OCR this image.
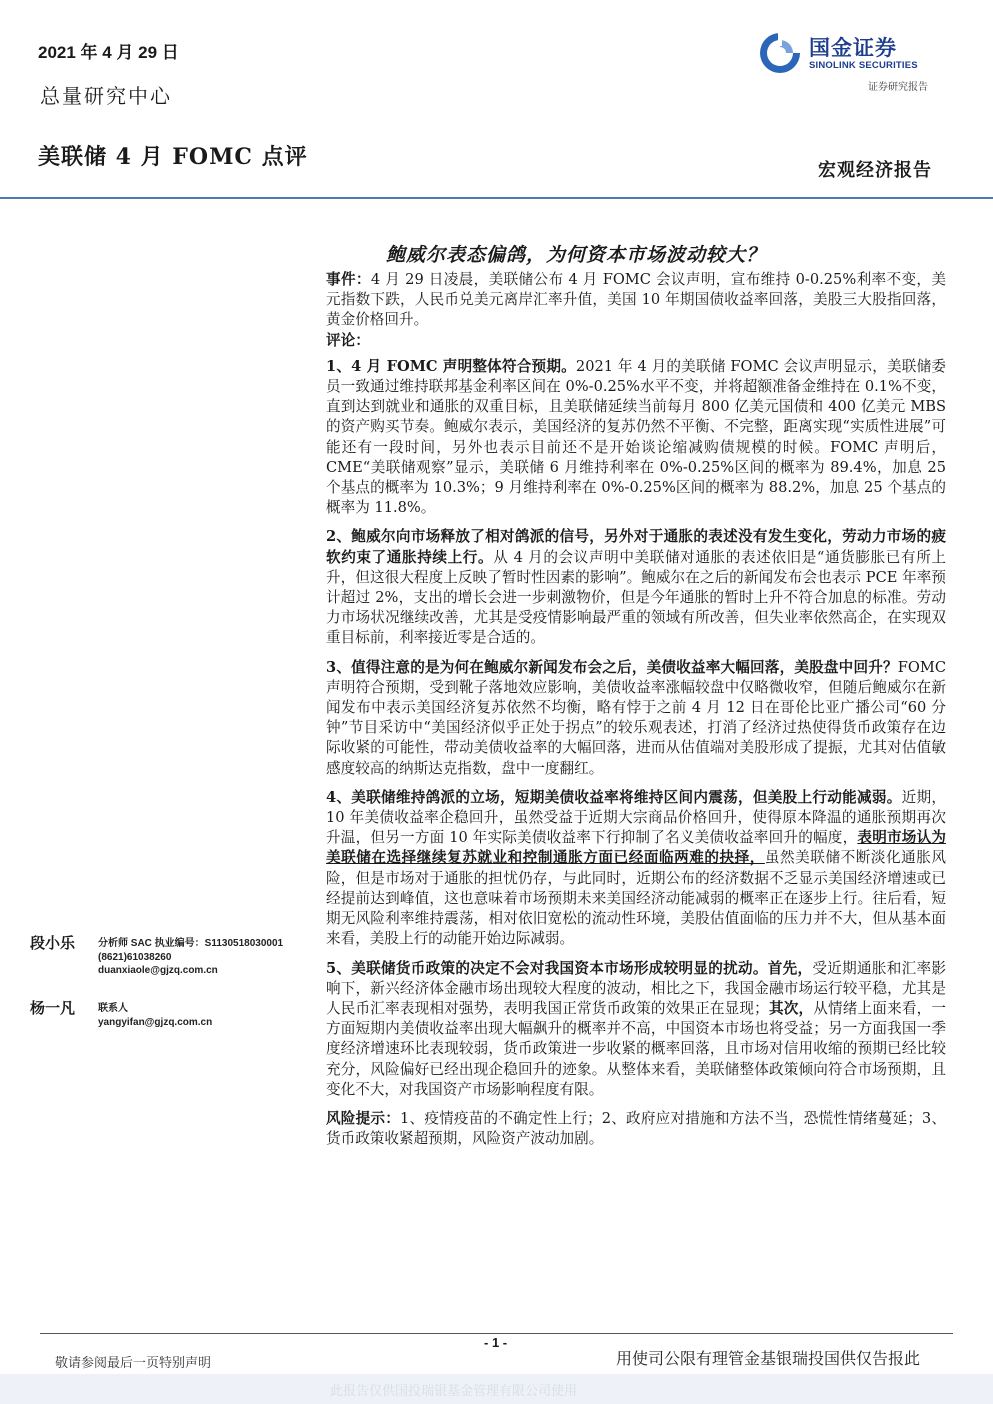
2021 年 4 月 29 日
总量研究中心
美联储 4 月 FOMC 点评
国金证券
SINOLINK SECURITIES
证券研究报告
宏观经济报告
鲍威尔表态偏鸽，为何资本市场波动较大？

事件：4 月 29 日凌晨，美联储公布 4 月 FOMC 会议声明，宣布维持 0-0.25%利率不变，美元指数下跌，人民币兑美元离岸汇率升值，美国 10 年期国债收益率回落，美股三大股指回落，黄金价格回升。

评论：

1、4 月 FOMC 声明整体符合预期。2021 年 4 月的美联储 FOMC 会议声明显示，美联储委员一致通过维持联邦基金利率区间在 0%-0.25%水平不变，并将超额准备金维持在 0.1%不变，直到达到就业和通胀的双重目标，且美联储延续当前每月 800 亿美元国债和 400 亿美元 MBS 的资产购买节奏。鲍威尔表示，美国经济的复苏仍然不平衡、不完整，距离实现“实质性进展”可能还有一段时间，另外也表示目前还不是开始谈论缩减购债规模的时候。FOMC 声明后，CME“美联储观察”显示，美联储 6 月维持利率在 0%-0.25%区间的概率为 89.4%，加息 25 个基点的概率为 10.3%；9 月维持利率在 0%-0.25%区间的概率为 88.2%，加息 25 个基点的概率为 11.8%。

2、鲍威尔向市场释放了相对鸽派的信号，另外对于通胀的表述没有发生变化，劳动力市场的疲软约束了通胀持续上行。从 4 月的会议声明中美联储对通胀的表述依旧是“通货膨胀已有所上升，但这很大程度上反映了暂时性因素的影响”。鲍威尔在之后的新闻发布会也表示 PCE 年率预计超过 2%，支出的增长会进一步刺激物价，但是今年通胀的暂时上升不符合加息的标准。劳动力市场状况继续改善，尤其是受疫情影响最严重的领域有所改善，但失业率依然高企，在实现双重目标前，利率接近零是合适的。

3、值得注意的是为何在鲍威尔新闻发布会之后，美债收益率大幅回落，美股盘中回升？FOMC 声明符合预期，受到靴子落地效应影响，美债收益率涨幅较盘中仅略微收窄，但随后鲍威尔在新闻发布中表示美国经济复苏依然不均衡，略有悖于之前 4 月 12 日在哥伦比亚广播公司“60 分钟”节目采访中“美国经济似乎正处于拐点”的较乐观表述，打消了经济过热使得货币政策存在边际收紧的可能性，带动美债收益率的大幅回落，进而从估值端对美股形成了提振，尤其对估值敏感度较高的纳斯达克指数，盘中一度翻红。

4、美联储维持鸽派的立场，短期美债收益率将维持区间内震荡，但美股上行动能减弱。近期，10 年美债收益率企稳回升，虽然受益于近期大宗商品价格回升，使得原本降温的通胀预期再次升温，但另一方面 10 年实际美债收益率下行抑制了名义美债收益率回升的幅度，表明市场认为美联储在选择继续复苏就业和控制通胀方面已经面临两难的抉择，虽然美联储不断淡化通胀风险，但是市场对于通胀的担忧仍存，与此同时，近期公布的经济数据不乏显示美国经济增速或已经提前达到峰值，这也意味着市场预期未来美国经济动能减弱的概率正在逐步上行。往后看，短期无风险利率维持震荡，相对依旧宽松的流动性环境，美股估值面临的压力并不大，但从基本面来看，美股上行的动能开始边际减弱。

5、美联储货币政策的决定不会对我国资本市场形成较明显的扰动。首先，受近期通胀和汇率影响下，新兴经济体金融市场出现较大程度的波动，相比之下，我国金融市场运行较平稳，尤其是人民币汇率表现相对强势，表明我国正常货币政策的效果正在显现；其次，从情绪上面来看，一方面短期内美债收益率出现大幅飙升的概率并不高，中国资本市场也将受益；另一方面我国一季度经济增速环比表现较弱，货币政策进一步收紧的概率回落，且市场对信用收缩的预期已经比较充分，风险偏好已经出现企稳回升的迹象。从整体来看，美联储整体政策倾向符合市场预期，且变化不大，对我国资产市场影响程度有限。

风险提示：1、疫情疫苗的不确定性上行；2、政府应对措施和方法不当，恐慌性情绪蔓延；3、货币政策收紧超预期，风险资产波动加剧。

段小乐	分析师 SAC 执业编号：S1130518030001
(8621)61038260
duanxiaole@gjzq.com.cn
杨一凡	联系人
yangyifan@gjzq.com.cn
- 1 -
敬请参阅最后一页特别声明	用使司公限有理管金基银瑞投国供仅告报此
此报告仅供国投瑞银基金管理有限公司使用
